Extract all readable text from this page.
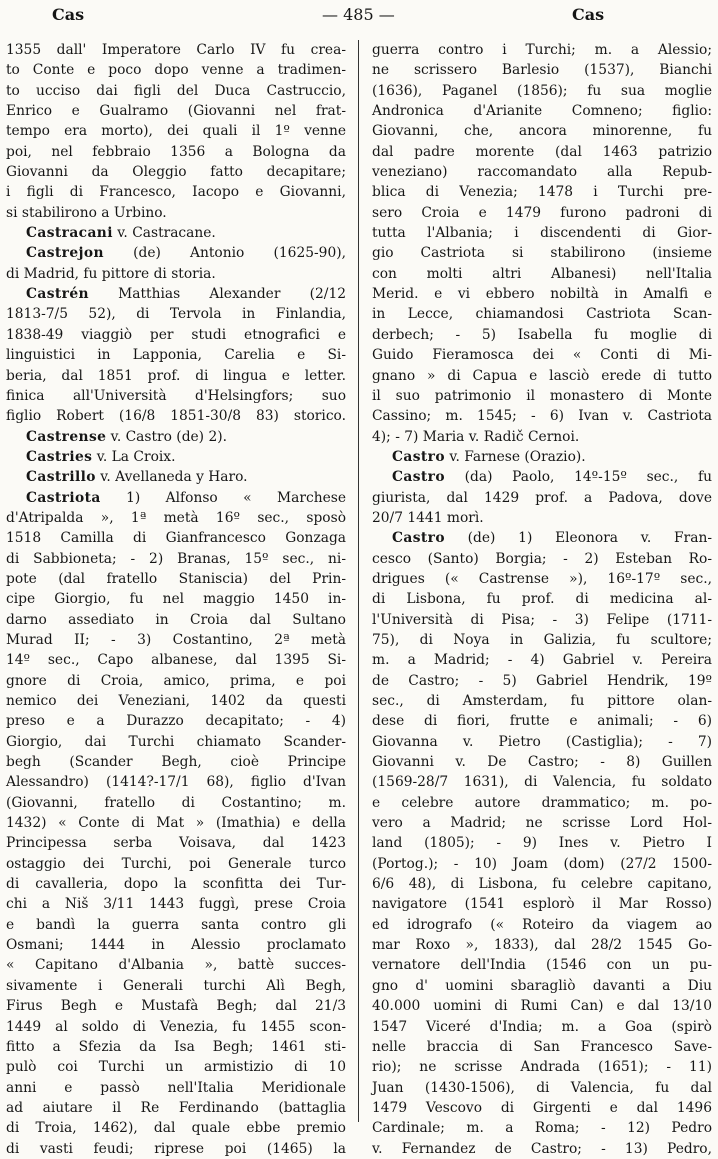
Cas	— 485 —	Cas
1355 dall' Imperatore Carlo IV fu crea-
to Conte e poco dopo venne a tradimen-
to ucciso dai figli del Duca Castruccio,
Enrico e Gualramo (Giovanni nel frat-
tempo era morto), dei quali il 1º venne
poi, nel febbraio 1356 a Bologna da
Giovanni da Oleggio fatto decapitare;
i figli di Francesco, Iacopo e Giovanni,
si stabilirono a Urbino.
Castracani v. Castracane.
Castrejon (de) Antonio (1625-90),
di Madrid, fu pittore di storia.
Castrén Matthias Alexander (2/12
1813-7/5 52), di Tervola in Finlandia,
1838-49 viaggiò per studi etnografici e
linguistici in Lapponia, Carelia e Si-
beria, dal 1851 prof. di lingua e letter.
finica all'Università d'Helsingfors; suo
figlio Robert (16/8 1851-30/8 83) storico.
Castrense v. Castro (de) 2).
Castries v. La Croix.
Castrillo v. Avellaneda y Haro.
Castriota 1) Alfonso « Marchese
d'Atripalda », 1ª metà 16º sec., sposò
1518 Camilla di Gianfrancesco Gonzaga
di Sabbioneta; - 2) Branas, 15º sec., ni-
pote (dal fratello Staniscia) del Prin-
cipe Giorgio, fu nel maggio 1450 in-
darno assediato in Croia dal Sultano
Murad II; - 3) Costantino, 2ª metà
14º sec., Capo albanese, dal 1395 Si-
gnore di Croia, amico, prima, e poi
nemico dei Veneziani, 1402 da questi
preso e a Durazzo decapitato; - 4)
Giorgio, dai Turchi chiamato Scander-
begh (Scander Begh, cioè Principe
Alessandro) (1414?-17/1 68), figlio d'Ivan
(Giovanni, fratello di Costantino; m.
1432) « Conte di Mat » (Imathia) e della
Principessa serba Voisava, dal 1423
ostaggio dei Turchi, poi Generale turco
di cavalleria, dopo la sconfitta dei Tur-
chi a Niš 3/11 1443 fuggì, prese Croia
e bandì la guerra santa contro gli
Osmani; 1444 in Alessio proclamato
« Capitano d'Albania », battè succes-
sivamente i Generali turchi Alì Begh,
Firus Begh e Mustafà Begh; dal 21/3
1449 al soldo di Venezia, fu 1455 scon-
fitto a Sfezia da Isa Begh; 1461 sti-
pulò coi Turchi un armistizio di 10
anni e passò nell'Italia Meridionale
ad aiutare il Re Ferdinando (battaglia
di Troia, 1462), dal quale ebbe premio
di vasti feudi; riprese poi (1465) la
guerra contro i Turchi; m. a Alessio;
ne scrissero Barlesio (1537), Bianchi
(1636), Paganel (1856); fu sua moglie
Andronica d'Arianite Comneno; figlio:
Giovanni, che, ancora minorenne, fu
dal padre morente (dal 1463 patrizio
veneziano) raccomandato alla Repub-
blica di Venezia; 1478 i Turchi pre-
sero Croia e 1479 furono padroni di
tutta l'Albania; i discendenti di Gior-
gio Castriota si stabilirono (insieme
con molti altri Albanesi) nell'Italia
Merid. e vi ebbero nobiltà in Amalfi e
in Lecce, chiamandosi Castriota Scan-
derbech; - 5) Isabella fu moglie di
Guido Fieramosca dei « Conti di Mi-
gnano » di Capua e lasciò erede di tutto
il suo patrimonio il monastero di Monte
Cassino; m. 1545; - 6) Ivan v. Castriota
4); - 7) Maria v. Radič Cernoi.
Castro v. Farnese (Orazio).
Castro (da) Paolo, 14º-15º sec., fu
giurista, dal 1429 prof. a Padova, dove
20/7 1441 morì.
Castro (de) 1) Eleonora v. Fran-
cesco (Santo) Borgia; - 2) Esteban Ro-
drigues (« Castrense »), 16º-17º sec.,
di Lisbona, fu prof. di medicina al-
l'Università di Pisa; - 3) Felipe (1711-
75), di Noya in Galizia, fu scultore;
m. a Madrid; - 4) Gabriel v. Pereira
de Castro; - 5) Gabriel Hendrik, 19º
sec., di Amsterdam, fu pittore olan-
dese di fiori, frutte e animali; - 6)
Giovanna v. Pietro (Castiglia); - 7)
Giovanni v. De Castro; - 8) Guillen
(1569-28/7 1631), di Valencia, fu soldato
e celebre autore drammatico; m. po-
vero a Madrid; ne scrisse Lord Hol-
land (1805); - 9) Ines v. Pietro I
(Portog.); - 10) Joam (dom) (27/2 1500-
6/6 48), di Lisbona, fu celebre capitano,
navigatore (1541 esplorò il Mar Rosso)
ed idrografo (« Roteiro da viagem ao
mar Roxo », 1833), dal 28/2 1545 Go-
vernatore dell'India (1546 con un pu-
gno d' uomini sbaragliò davanti a Diu
40.000 uomini di Rumi Can) e dal 13/10
1547 Viceré d'India; m. a Goa (spirò
nelle braccia di San Francesco Save-
rio); ne scrisse Andrada (1651); - 11)
Juan (1430-1506), di Valencia, fu dal
1479 Vescovo di Girgenti e dal 1496
Cardinale; m. a Roma; - 12) Pedro
v. Fernandez de Castro; - 13) Pedro,
